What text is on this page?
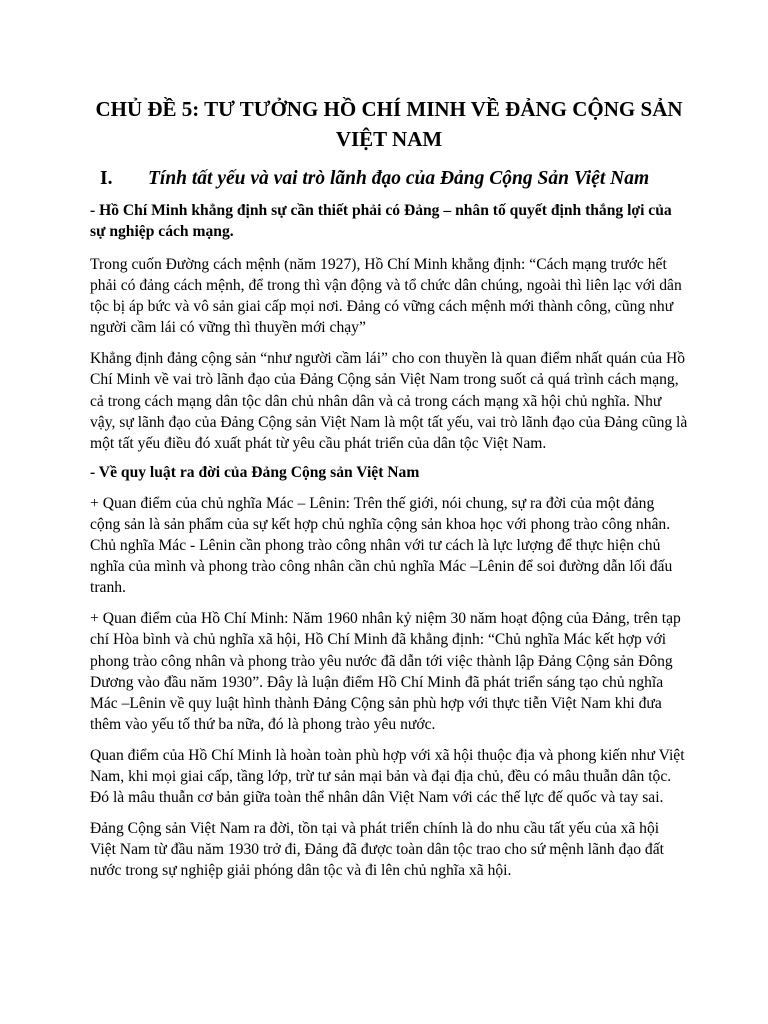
CHỦ ĐỀ 5: TƯ TƯỞNG HỒ CHÍ MINH VỀ ĐẢNG CỘNG SẢN VIỆT NAM
I.	Tính tất yếu và vai trò lãnh đạo của Đảng Cộng Sản Việt Nam

- Hồ Chí Minh khẳng định sự cần thiết phải có Đảng – nhân tố quyết định thắng lợi của sự nghiệp cách mạng.

Trong cuốn Đường cách mệnh (năm 1927), Hồ Chí Minh khẳng định: “Cách mạng trước hết phải có đảng cách mệnh, để trong thì vận động và tổ chức dân chúng, ngoài thì liên lạc với dân tộc bị áp bức và vô sản giai cấp mọi nơi. Đảng có vững cách mệnh mới thành công, cũng như người cầm lái có vững thì thuyền mới chạy”

Khẳng định đảng cộng sản “như người cầm lái” cho con thuyền là quan điểm nhất quán của Hồ Chí Minh về vai trò lãnh đạo của Đảng Cộng sản Việt Nam trong suốt cả quá trình cách mạng, cả trong cách mạng dân tộc dân chủ nhân dân và cả trong cách mạng xã hội chủ nghĩa. Như vậy, sự lãnh đạo của Đảng Cộng sản Việt Nam là một tất yếu, vai trò lãnh đạo của Đảng cũng là một tất yếu điều đó xuất phát từ yêu cầu phát triển của dân tộc Việt Nam.

- Về quy luật ra đời của Đảng Cộng sản Việt Nam

+ Quan điểm của chủ nghĩa Mác – Lênin: Trên thế giới, nói chung, sự ra đời của một đảng cộng sản là sản phẩm của sự kết hợp chủ nghĩa cộng sản khoa học với phong trào công nhân. Chủ nghĩa Mác - Lênin cần phong trào công nhân với tư cách là lực lượng để thực hiện chủ nghĩa của mình và phong trào công nhân cần chủ nghĩa Mác –Lênin để soi đường dẫn lối đấu tranh.

+ Quan điểm của Hồ Chí Minh: Năm 1960 nhân kỷ niệm 30 năm hoạt động của Đảng, trên tạp chí Hòa bình và chủ nghĩa xã hội, Hồ Chí Minh đã khẳng định: “Chủ nghĩa Mác kết hợp với phong trào công nhân và phong trào yêu nước đã dẫn tới việc thành lập Đảng Cộng sản Đông Dương vào đầu năm 1930”. Đây là luận điểm Hồ Chí Minh đã phát triển sáng tạo chủ nghĩa Mác –Lênin về quy luật hình thành Đảng Cộng sản phù hợp với thực tiễn Việt Nam khi đưa thêm vào yếu tố thứ ba nữa, đó là phong trào yêu nước.

Quan điểm của Hồ Chí Minh là hoàn toàn phù hợp với xã hội thuộc địa và phong kiến như Việt Nam, khi mọi giai cấp, tầng lớp, trừ tư sản mại bản và đại địa chủ, đều có mâu thuẫn dân tộc. Đó là mâu thuẫn cơ bản giữa toàn thể nhân dân Việt Nam với các thế lực đế quốc và tay sai.

Đảng Cộng sản Việt Nam ra đời, tồn tại và phát triển chính là do nhu cầu tất yếu của xã hội Việt Nam từ đầu năm 1930 trở đi, Đảng đã được toàn dân tộc trao cho sứ mệnh lãnh đạo đất nước trong sự nghiệp giải phóng dân tộc và đi lên chủ nghĩa xã hội.
